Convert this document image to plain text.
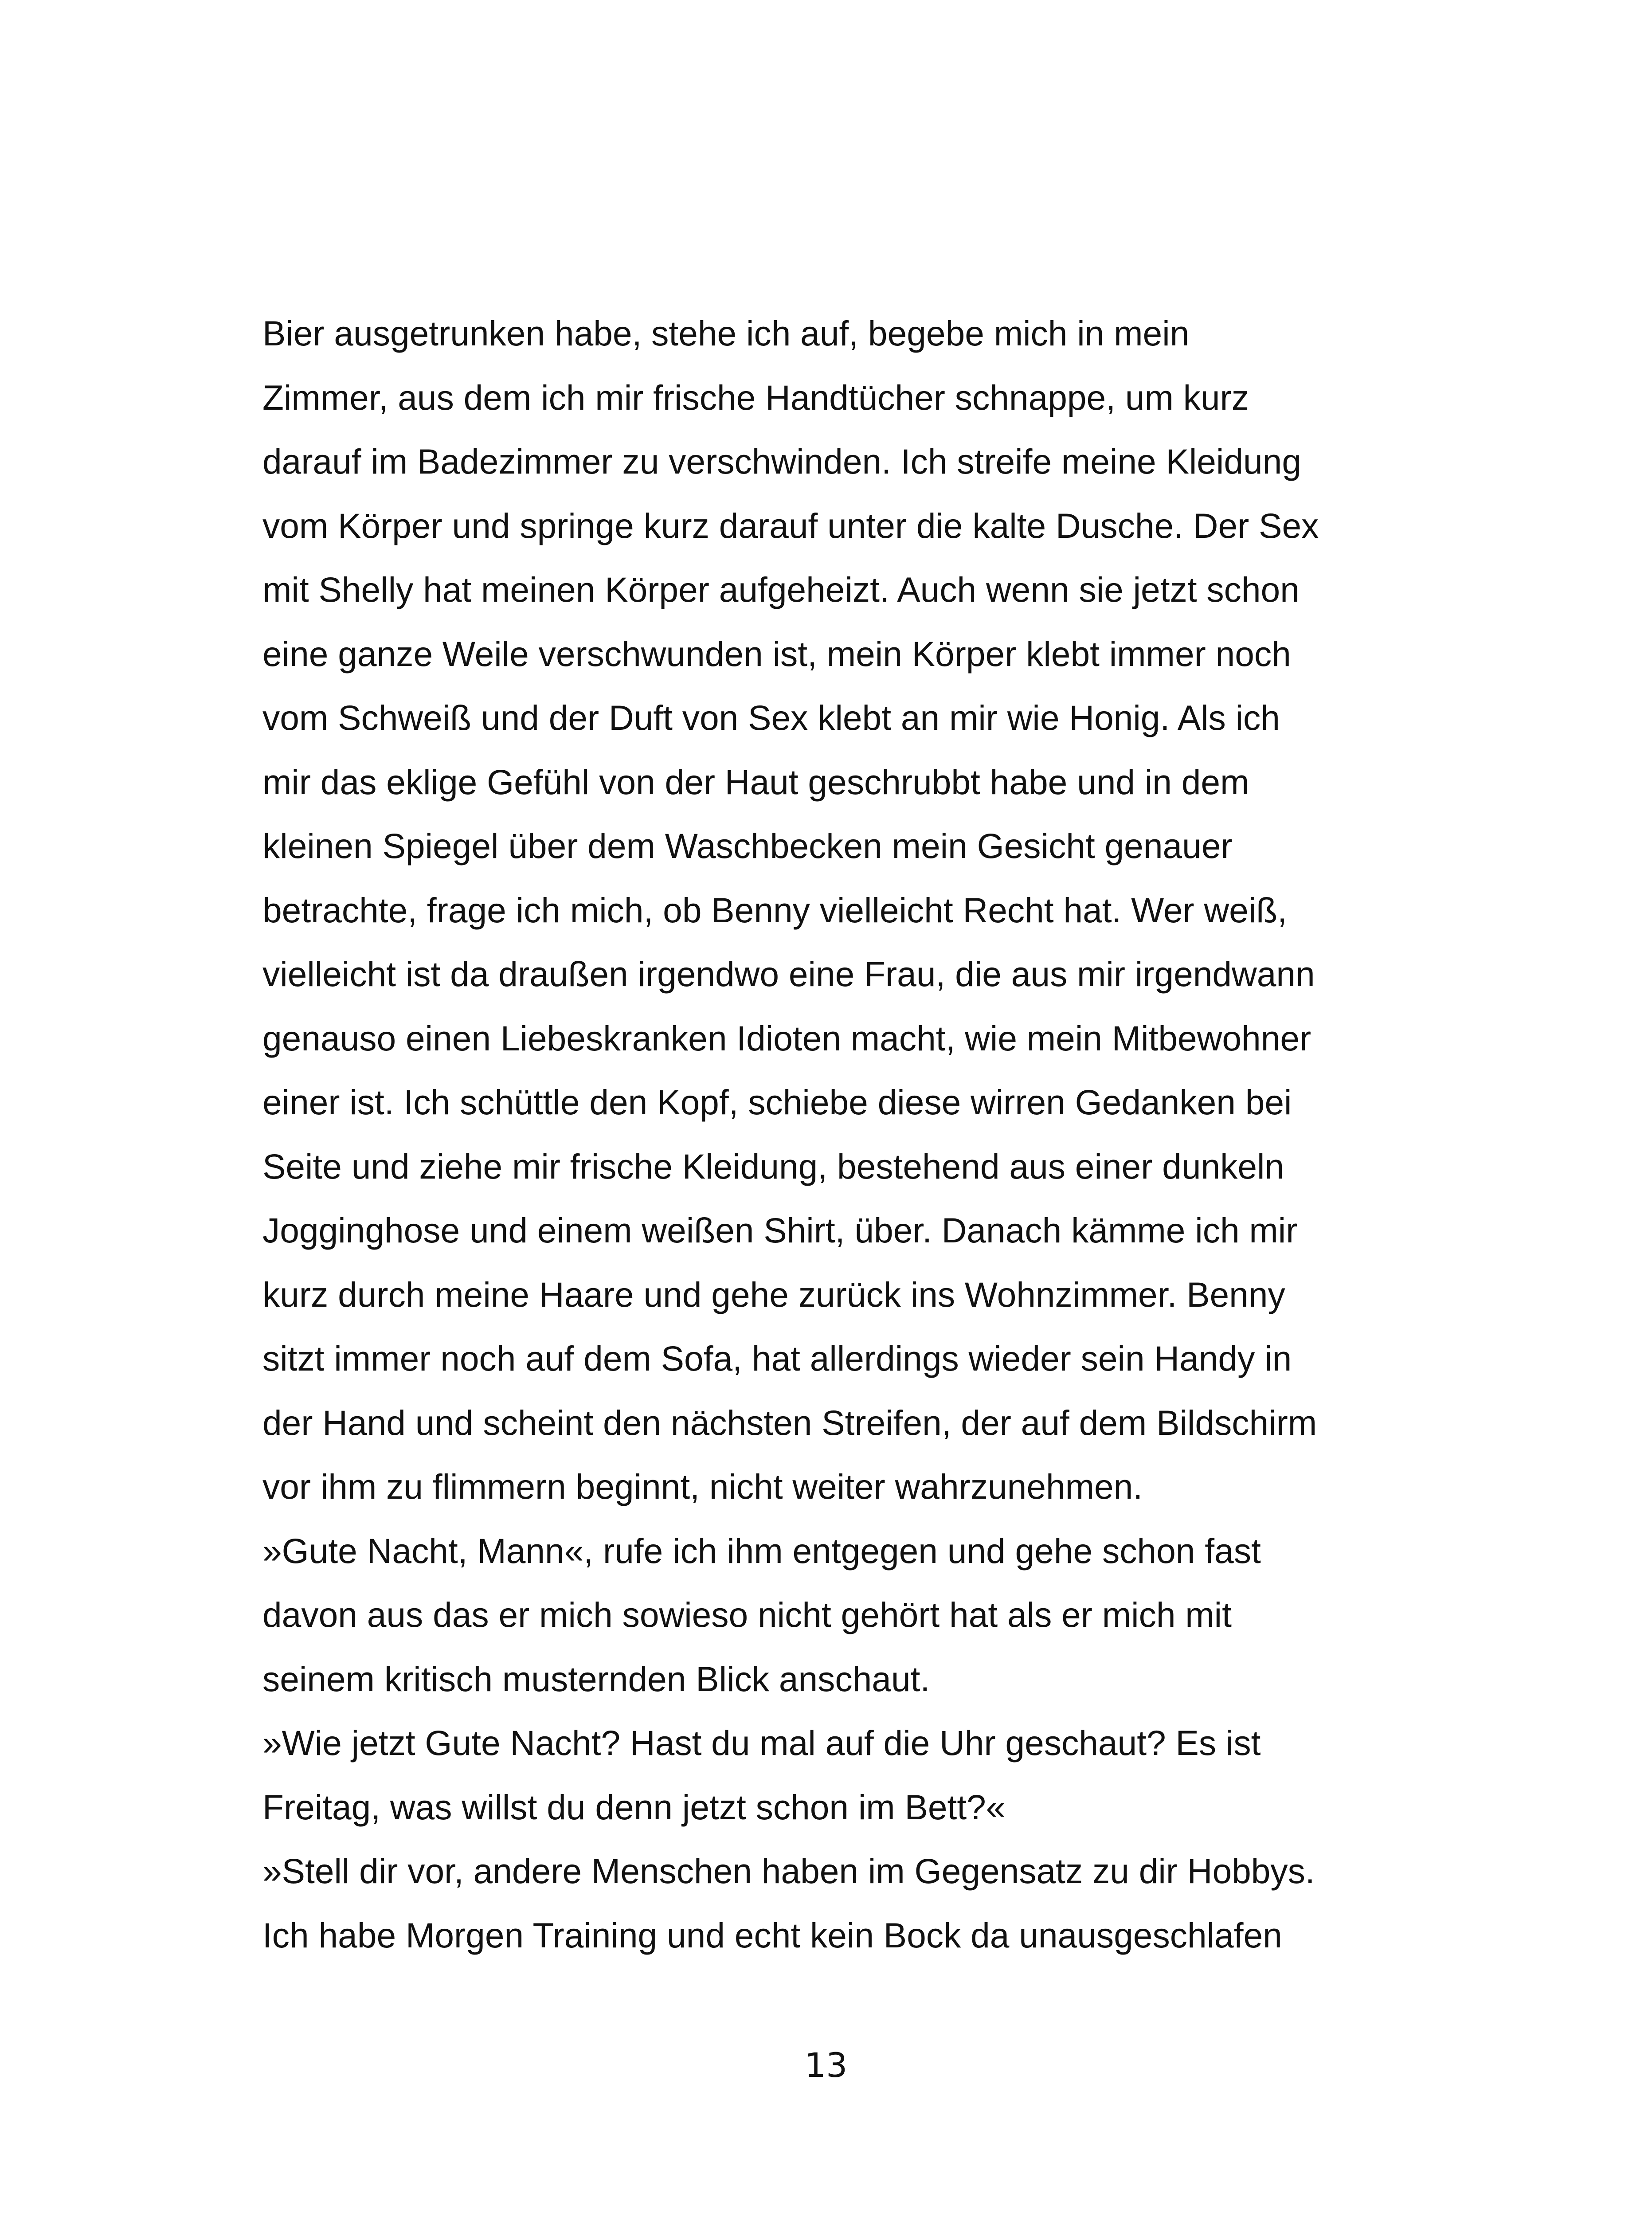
Bier ausgetrunken habe, stehe ich auf, begebe mich in mein
Zimmer, aus dem ich mir frische Handtücher schnappe, um kurz
darauf im Badezimmer zu verschwinden. Ich streife meine Kleidung
vom Körper und springe kurz darauf unter die kalte Dusche. Der Sex
mit Shelly hat meinen Körper aufgeheizt. Auch wenn sie jetzt schon
eine ganze Weile verschwunden ist, mein Körper klebt immer noch
vom Schweiß und der Duft von Sex klebt an mir wie Honig. Als ich
mir das eklige Gefühl von der Haut geschrubbt habe und in dem
kleinen Spiegel über dem Waschbecken mein Gesicht genauer
betrachte, frage ich mich, ob Benny vielleicht Recht hat. Wer weiß,
vielleicht ist da draußen irgendwo eine Frau, die aus mir irgendwann
genauso einen Liebeskranken Idioten macht, wie mein Mitbewohner
einer ist. Ich schüttle den Kopf, schiebe diese wirren Gedanken bei
Seite und ziehe mir frische Kleidung, bestehend aus einer dunkeln
Jogginghose und einem weißen Shirt, über. Danach kämme ich mir
kurz durch meine Haare und gehe zurück ins Wohnzimmer. Benny
sitzt immer noch auf dem Sofa, hat allerdings wieder sein Handy in
der Hand und scheint den nächsten Streifen, der auf dem Bildschirm
vor ihm zu flimmern beginnt, nicht weiter wahrzunehmen.
»Gute Nacht, Mann«, rufe ich ihm entgegen und gehe schon fast
davon aus das er mich sowieso nicht gehört hat als er mich mit
seinem kritisch musternden Blick anschaut.
»Wie jetzt Gute Nacht? Hast du mal auf die Uhr geschaut? Es ist
Freitag, was willst du denn jetzt schon im Bett?«
»Stell dir vor, andere Menschen haben im Gegensatz zu dir Hobbys.
Ich habe Morgen Training und echt kein Bock da unausgeschlafen
13
